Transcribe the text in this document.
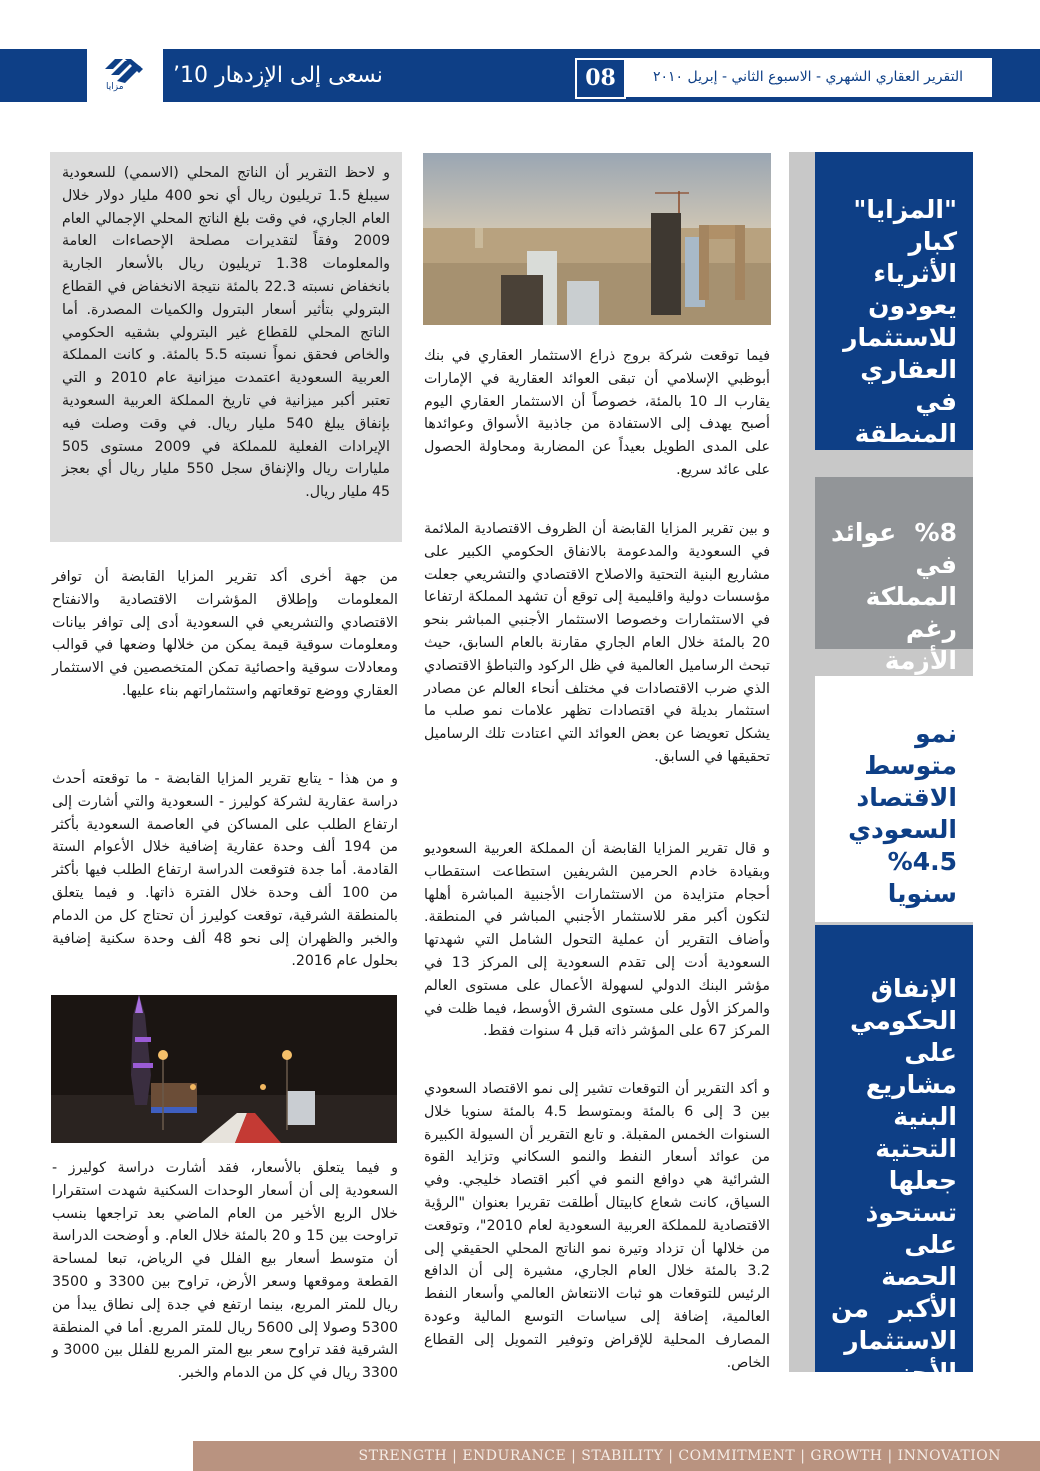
مزايا	نسعى إلى الإزدهار 10’	08	التقرير العقاري الشهري - الاسبوع الثاني - إبريل ٢٠١٠
"المزايا"
كبار
الأثرياء
يعودون
للاستثمار
العقاري
في المنطقة
%8 عوائد
في المملكة
رغم الأزمة
نمو
متوسط
الاقتصاد
السعودي
%4.5 سنويا
الإنفاق
الحكومي
على مشاريع
البنية
التحتية
جعلها
تستحوذ
على الحصة
الأكبر من
الاستثمار
الأجنبي
المباشر

فيما توقعت شركة بروج ذراع الاستثمار العقاري في بنك أبوظبي الإسلامي أن تبقى العوائد العقارية في الإمارات يقارب الـ 10 بالمئة، خصوصاً أن الاستثمار العقاري اليوم أصبح يهدف إلى الاستفادة من جاذبية الأسواق وعوائدها على المدى الطويل بعيداً عن المضاربة ومحاولة الحصول على عائد سريع.

و بين تقرير المزايا القابضة أن الظروف الاقتصادية الملائمة في السعودية والمدعومة بالانفاق الحكومي الكبير على مشاريع البنية التحتية والاصلاح الاقتصادي والتشريعي جعلت مؤسسات دولية واقليمية إلى توقع أن تشهد المملكة ارتفاعا في الاستثمارات وخصوصا الاستثمار الأجنبي المباشر بنحو 20 بالمئة خلال العام الجاري مقارنة بالعام السابق، حيث تبحث الرساميل العالمية في ظل الركود والتباطؤ الاقتصادي الذي ضرب الاقتصادات في مختلف أنحاء العالم عن مصادر استثمار بديلة في اقتصادات تظهر علامات نمو صلب ما يشكل تعويضا عن بعض العوائد التي اعتادت تلك الرساميل تحقيقها في السابق.

و قال تقرير المزايا القابضة أن المملكة العربية السعوديو وبقيادة خادم الحرمين الشريفين استطاعت استقطاب أحجام متزايدة من الاستثمارات الأجنبية المباشرة أهلها لتكون أكبر مقر للاستثمار الأجنبي المباشر في المنطقة. وأضاف التقرير أن عملية التحول الشامل التي شهدتها السعودية أدت إلى تقدم السعودية إلى المركز 13 في مؤشر البنك الدولي لسهولة الأعمال على مستوى العالم والمركز الأول على مستوى الشرق الأوسط، فيما ظلت في المركز 67 على المؤشر ذاته قبل 4 سنوات فقط.

و أكد التقرير أن التوقعات تشير إلى نمو الاقتصاد السعودي بين 3 إلى 6 بالمئة وبمتوسط 4.5 بالمئة سنويا خلال السنوات الخمس المقبلة. و تابع التقرير أن السيولة الكبيرة من عوائد أسعار النفط والنمو السكاني وتزايد القوة الشرائية هي دوافع النمو في أكبر اقتصاد خليجي. وفي السياق، كانت شعاع كابيتال أطلقت تقريرا بعنوان "الرؤية الاقتصادية للمملكة العربية السعودية لعام 2010"، وتوقعت من خلالها أن تزداد وتيرة نمو الناتج المحلي الحقيقي إلى 3.2 بالمئة خلال العام الجاري، مشيرة إلى أن الدافع الرئيس للتوقعات هو ثبات الانتعاش العالمي وأسعار النفط العالمية، إضافة إلى سياسات التوسع المالية وعودة المصارف المحلية للإقراض وتوفير التمويل إلى القطاع الخاص.

و لاحظ التقرير أن الناتج المحلي (الاسمي) للسعودية سيبلغ 1.5 تريليون ريال أي نحو 400 مليار دولار خلال العام الجاري، في وقت بلغ الناتج المحلي الإجمالي العام 2009 وفقاً لتقديرات مصلحة الإحصاءات العامة والمعلومات 1.38 تريليون ريال بالأسعار الجارية بانخفاض نسبته 22.3 بالمئة نتيجة الانخفاض في القطاع البترولي بتأثير أسعار البترول والكميات المصدرة. أما الناتج المحلي للقطاع غير البترولي بشقيه الحكومي والخاص فحقق نمواً نسبته 5.5 بالمئة. و كانت المملكة العربية السعودية اعتمدت ميزانية عام 2010 و التي تعتبر أكبر ميزانية في تاريخ المملكة العربية السعودية بإنفاق يبلغ 540 مليار ريال. في وقت وصلت فيه الإيرادات الفعلية للمملكة في 2009 مستوى 505 مليارات ريال والإنفاق سجل 550 مليار ريال أي بعجز 45 مليار ريال.

من جهة أخرى أكد تقرير المزايا القابضة أن توافر المعلومات وإطلاق المؤشرات الاقتصادية والانفتاح الاقتصادي والتشريعي في السعودية أدى إلى توافر بيانات ومعلومات سوقية قيمة يمكن من خلالها وضعها في قوالب ومعادلات سوقية واحصائية تمكن المتخصصين في الاستثمار العقاري ووضع توقعاتهم واستثماراتهم بناء عليها.

و من هذا - يتابع تقرير المزايا القابضة - ما توقعته أحدث دراسة عقارية لشركة كوليرز - السعودية والتي أشارت إلى ارتفاع الطلب على المساكن في العاصمة السعودية بأكثر من 194 ألف وحدة عقارية إضافية خلال الأعوام الستة القادمة. أما جدة فتوقعت الدراسة ارتفاع الطلب فيها بأكثر من 100 ألف وحدة خلال الفترة ذاتها. و فيما يتعلق بالمنطقة الشرقية، توقعت كوليرز أن تحتاج كل من الدمام والخبر والظهران إلى نحو 48 ألف وحدة سكنية إضافية بحلول عام 2016.

و فيما يتعلق بالأسعار، فقد أشارت دراسة كوليرز - السعودية إلى أن أسعار الوحدات السكنية شهدت استقرارا خلال الربع الأخير من العام الماضي بعد تراجعها بنسب تراوحت بين 15 و 20 بالمئة خلال العام. و أوضحت الدراسة أن متوسط أسعار بيع الفلل في الرياض، تبعا لمساحة القطعة وموقعها وسعر الأرض، تراوح بين 3300 و 3500 ريال للمتر المربع، بينما ارتفع في جدة إلى نطاق يبدأ من 5300 وصولا إلى 5600 ريال للمتر المربع. أما في المنطقة الشرقية فقد تراوح سعر بيع المتر المربع للفلل بين 3000 و 3300 ريال في كل من الدمام والخبر.

STRENGTH | ENDURANCE | STABILITY | COMMITMENT | GROWTH | INNOVATION
